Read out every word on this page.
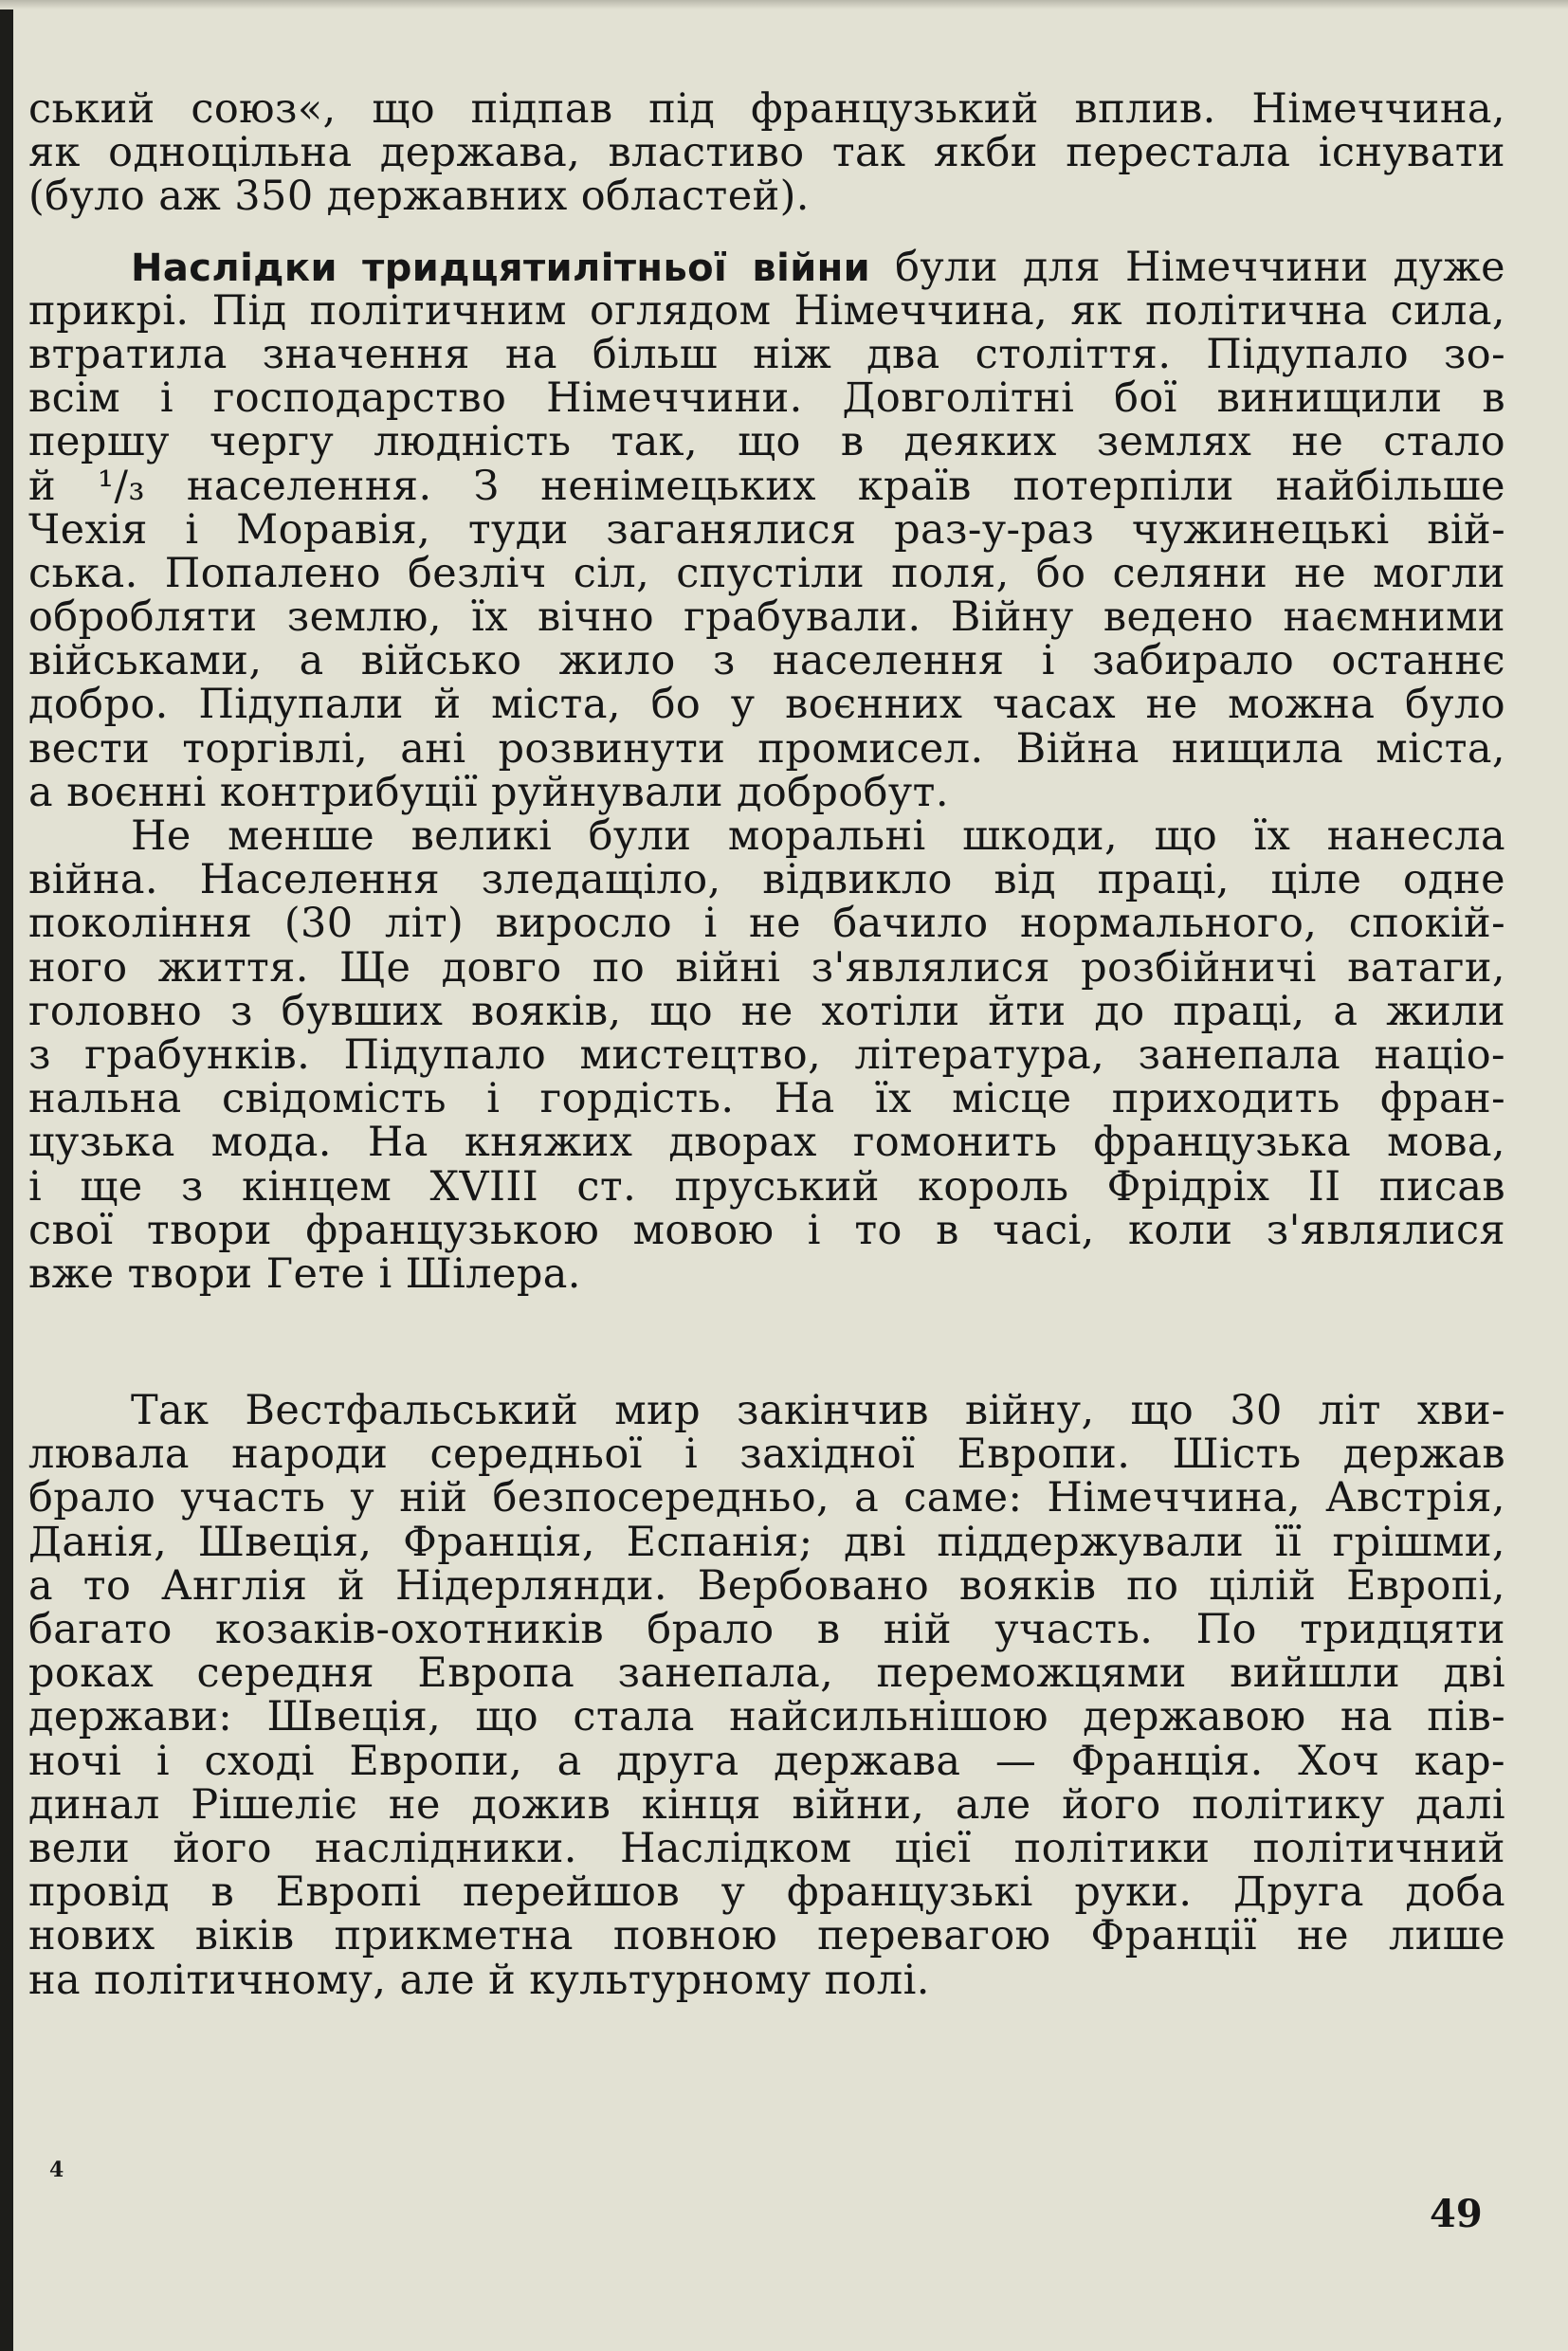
ський союз«, що підпав під французький вплив. Німеччина,
як одноцільна держава, властиво так якби перестала існувати
(було аж 350 державних областей).
Наслідки тридцятилітньої війни були для Німеччини дуже
прикрі. Під політичним оглядом Німеччина, як політична сила,
втратила значення на більш ніж два століття. Підупало зо-
всім і господарство Німеччини. Довголітні бої винищили в
першу чергу людність так, що в деяких землях не стало
й ¹/₃ населення. З ненімецьких країв потерпіли найбільше
Чехія і Моравія, туди заганялися раз-у-раз чужинецькі вій-
ська. Попалено безліч сіл, спустіли поля, бо селяни не могли
обробляти землю, їх вічно грабували. Війну ведено наємними
військами, а військо жило з населення і забирало останнє
добро. Підупали й міста, бо у воєнних часах не можна було
вести торгівлі, ані розвинути промисел. Війна нищила міста,
а воєнні контрибуції руйнували добробут.
Не менше великі були моральні шкоди, що їх нанесла
війна. Населення зледащіло, відвикло від праці, ціле одне
покоління (30 літ) виросло і не бачило нормального, спокій-
ного життя. Ще довго по війні з'являлися розбійничі ватаги,
головно з бувших вояків, що не хотіли йти до праці, а жили
з грабунків. Підупало мистецтво, література, занепала націо-
нальна свідомість і гордість. На їх місце приходить фран-
цузька мода. На княжих дворах гомонить французька мова,
і ще з кінцем XVIII ст. пруський король Фрідріх II писав
свої твори французькою мовою і то в часі, коли з'являлися
вже твори Гете і Шілера.
Так Вестфальський мир закінчив війну, що 30 літ хви-
лювала народи середньої і західної Европи. Шість держав
брало участь у ній безпосередньо, а саме: Німеччина, Австрія,
Данія, Швеція, Франція, Еспанія; дві піддержували її грішми,
а то Англія й Нідерлянди. Вербовано вояків по цілій Европі,
багато козаків-охотників брало в ній участь. По тридцяти
роках середня Европа занепала, переможцями вийшли дві
держави: Швеція, що стала найсильнішою державою на пів-
ночі і сході Европи, а друга держава — Франція. Хоч кар-
динал Рішеліє не дожив кінця війни, але його політику далі
вели його наслідники. Наслідком цієї політики політичний
провід в Европі перейшов у французькі руки. Друга доба
нових віків прикметна повною перевагою Франції не лише
на політичному, але й культурному полі.
4
49
